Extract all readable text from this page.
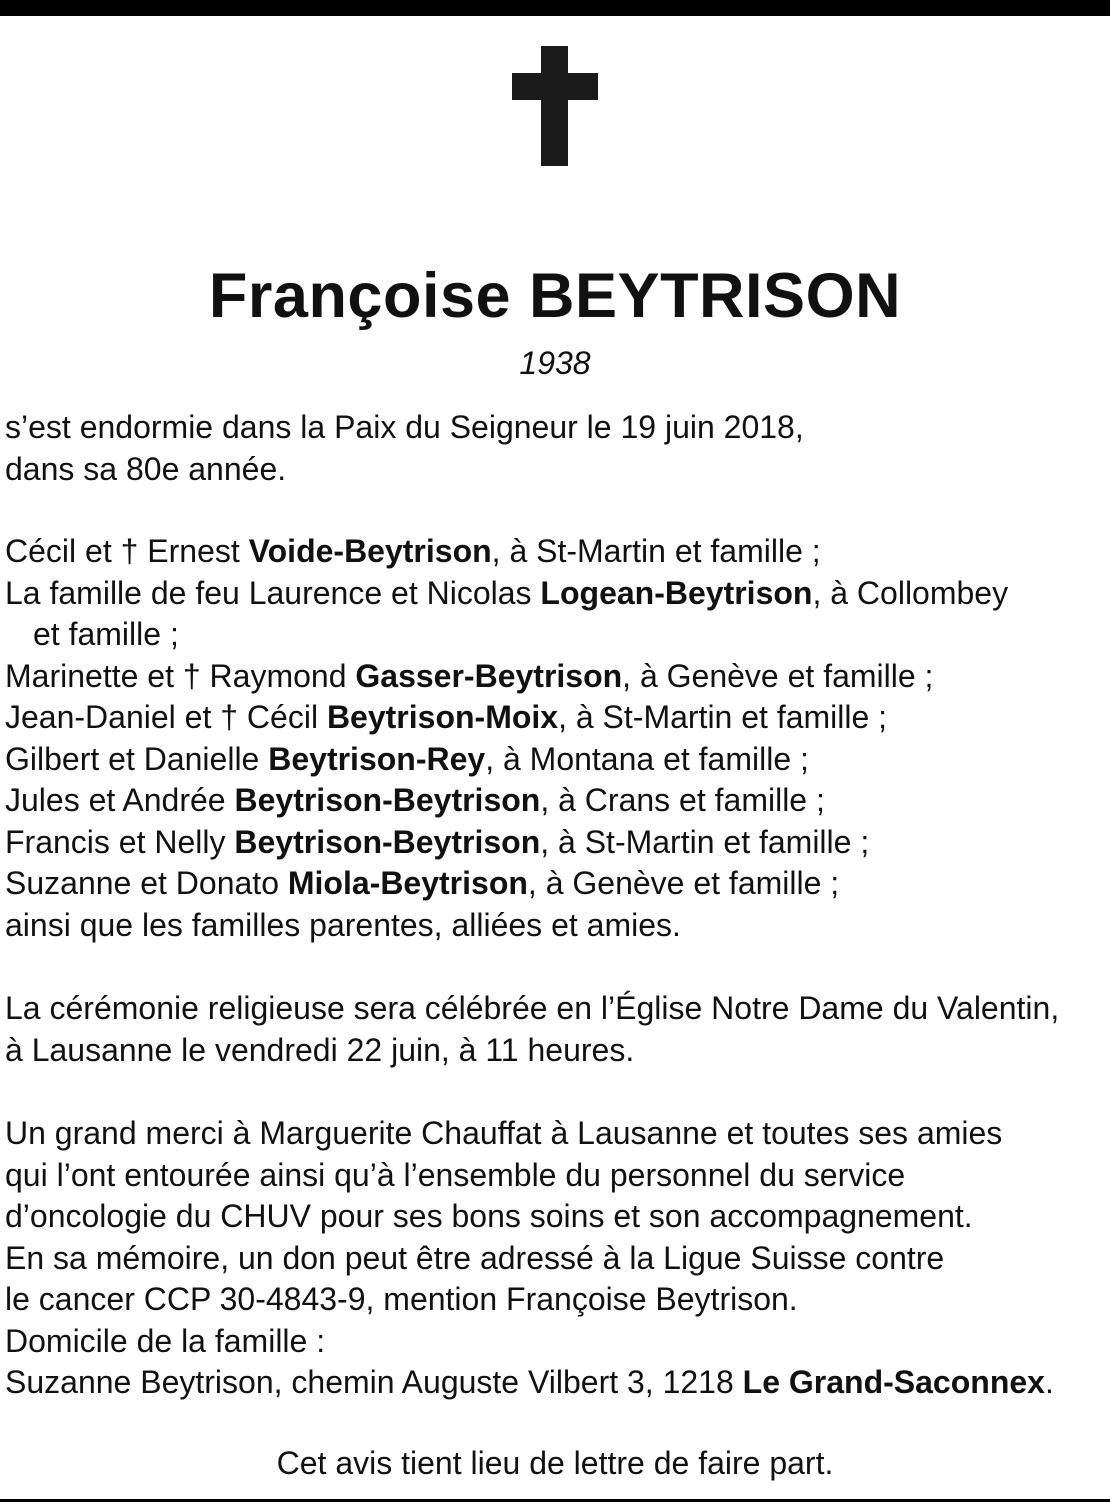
Françoise BEYTRISON
1938

s’est endormie dans la Paix du Seigneur le 19 juin 2018,

dans sa 80e année.

Cécil et † Ernest Voide-Beytrison, à St-Martin et famille ;

La famille de feu Laurence et Nicolas Logean-Beytrison, à Collombey

et famille ;

Marinette et † Raymond Gasser-Beytrison, à Genève et famille ;

Jean-Daniel et † Cécil Beytrison-Moix, à St-Martin et famille ;

Gilbert et Danielle Beytrison-Rey, à Montana et famille ;

Jules et Andrée Beytrison-Beytrison, à Crans et famille ;

Francis et Nelly Beytrison-Beytrison, à St-Martin et famille ;

Suzanne et Donato Miola-Beytrison, à Genève et famille ;

ainsi que les familles parentes, alliées et amies.

La cérémonie religieuse sera célébrée en l’Église Notre Dame du Valentin,

à Lausanne le vendredi 22 juin, à 11 heures.

Un grand merci à Marguerite Chauffat à Lausanne et toutes ses amies

qui l’ont entourée ainsi qu’à l’ensemble du personnel du service

d’oncologie du CHUV pour ses bons soins et son accompagnement.

En sa mémoire, un don peut être adressé à la Ligue Suisse contre

le cancer CCP 30-4843-9, mention Françoise Beytrison.

Domicile de la famille :

Suzanne Beytrison, chemin Auguste Vilbert 3, 1218 Le Grand-Saconnex.

Cet avis tient lieu de lettre de faire part.
